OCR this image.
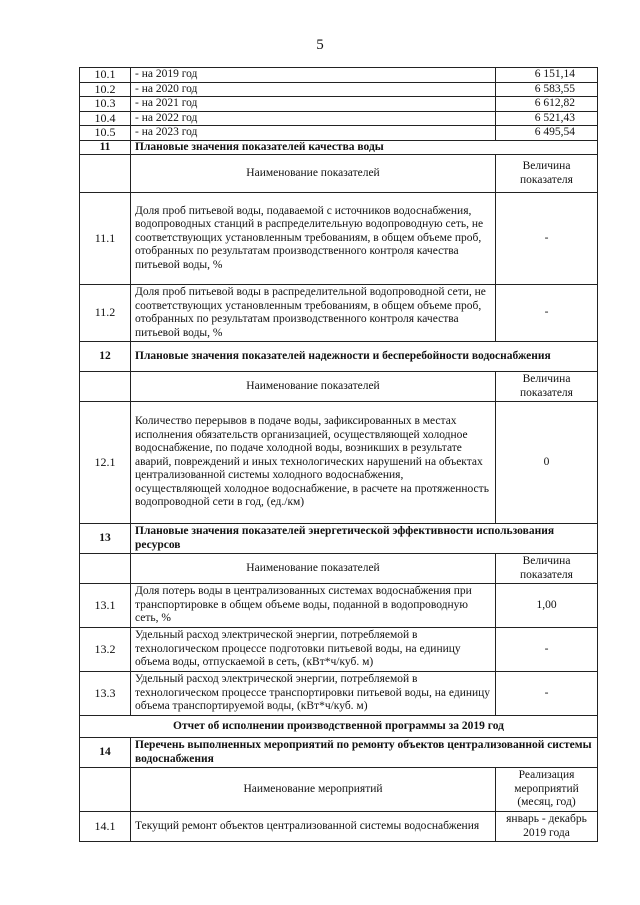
5
10.1	- на 2019 год	6 151,14
10.2	- на 2020 год	6 583,55
10.3	- на 2021 год	6 612,82
10.4	- на 2022 год	6 521,43
10.5	- на 2023 год	6 495,54
11	Плановые значения показателей качества воды	
	Наименование показателей	Величина показателя
11.1	Доля проб питьевой воды, подаваемой с источников водоснабжения, водопроводных станций в распределительную водопроводную сеть, не соответствующих установленным требованиям, в общем объеме проб, отобранных по результатам производственного контроля качества питьевой воды, %	-
11.2	Доля проб питьевой воды в распределительной водопроводной сети, не соответствующих установленным требованиям, в общем объеме проб, отобранных по результатам производственного контроля качества питьевой воды, %	-
12	Плановые значения показателей надежности и бесперебойности водоснабжения	
	Наименование показателей	Величина показателя
12.1	Количество перерывов в подаче воды, зафиксированных в местах исполнения обязательств организацией, осуществляющей холодное водоснабжение, по подаче холодной воды, возникших в результате аварий, повреждений и иных технологических нарушений на объектах централизованной системы холодного водоснабжения, осуществляющей холодное водоснабжение, в расчете на протяженность водопроводной сети в год, (ед./км)	0
13	Плановые значения показателей энергетической эффективности использования ресурсов	
	Наименование показателей	Величина показателя
13.1	Доля потерь воды в централизованных системах водоснабжения при транспортировке в общем объеме воды, поданной в водопроводную сеть, %	1,00
13.2	Удельный расход электрической энергии, потребляемой в технологическом процессе подготовки питьевой воды, на единицу объема воды, отпускаемой в сеть, (кВт*ч/куб. м)	-
13.3	Удельный расход электрической энергии, потребляемой в технологическом процессе транспортировки питьевой воды, на единицу объема транспортируемой воды, (кВт*ч/куб. м)	-
Отчет об исполнении производственной программы за 2019 год		
14	Перечень выполненных мероприятий по ремонту объектов централизованной системы водоснабжения	
	Наименование мероприятий	Реализация мероприятий (месяц, год)
14.1	Текущий ремонт объектов централизованной системы водоснабжения	январь - декабрь 2019 года
